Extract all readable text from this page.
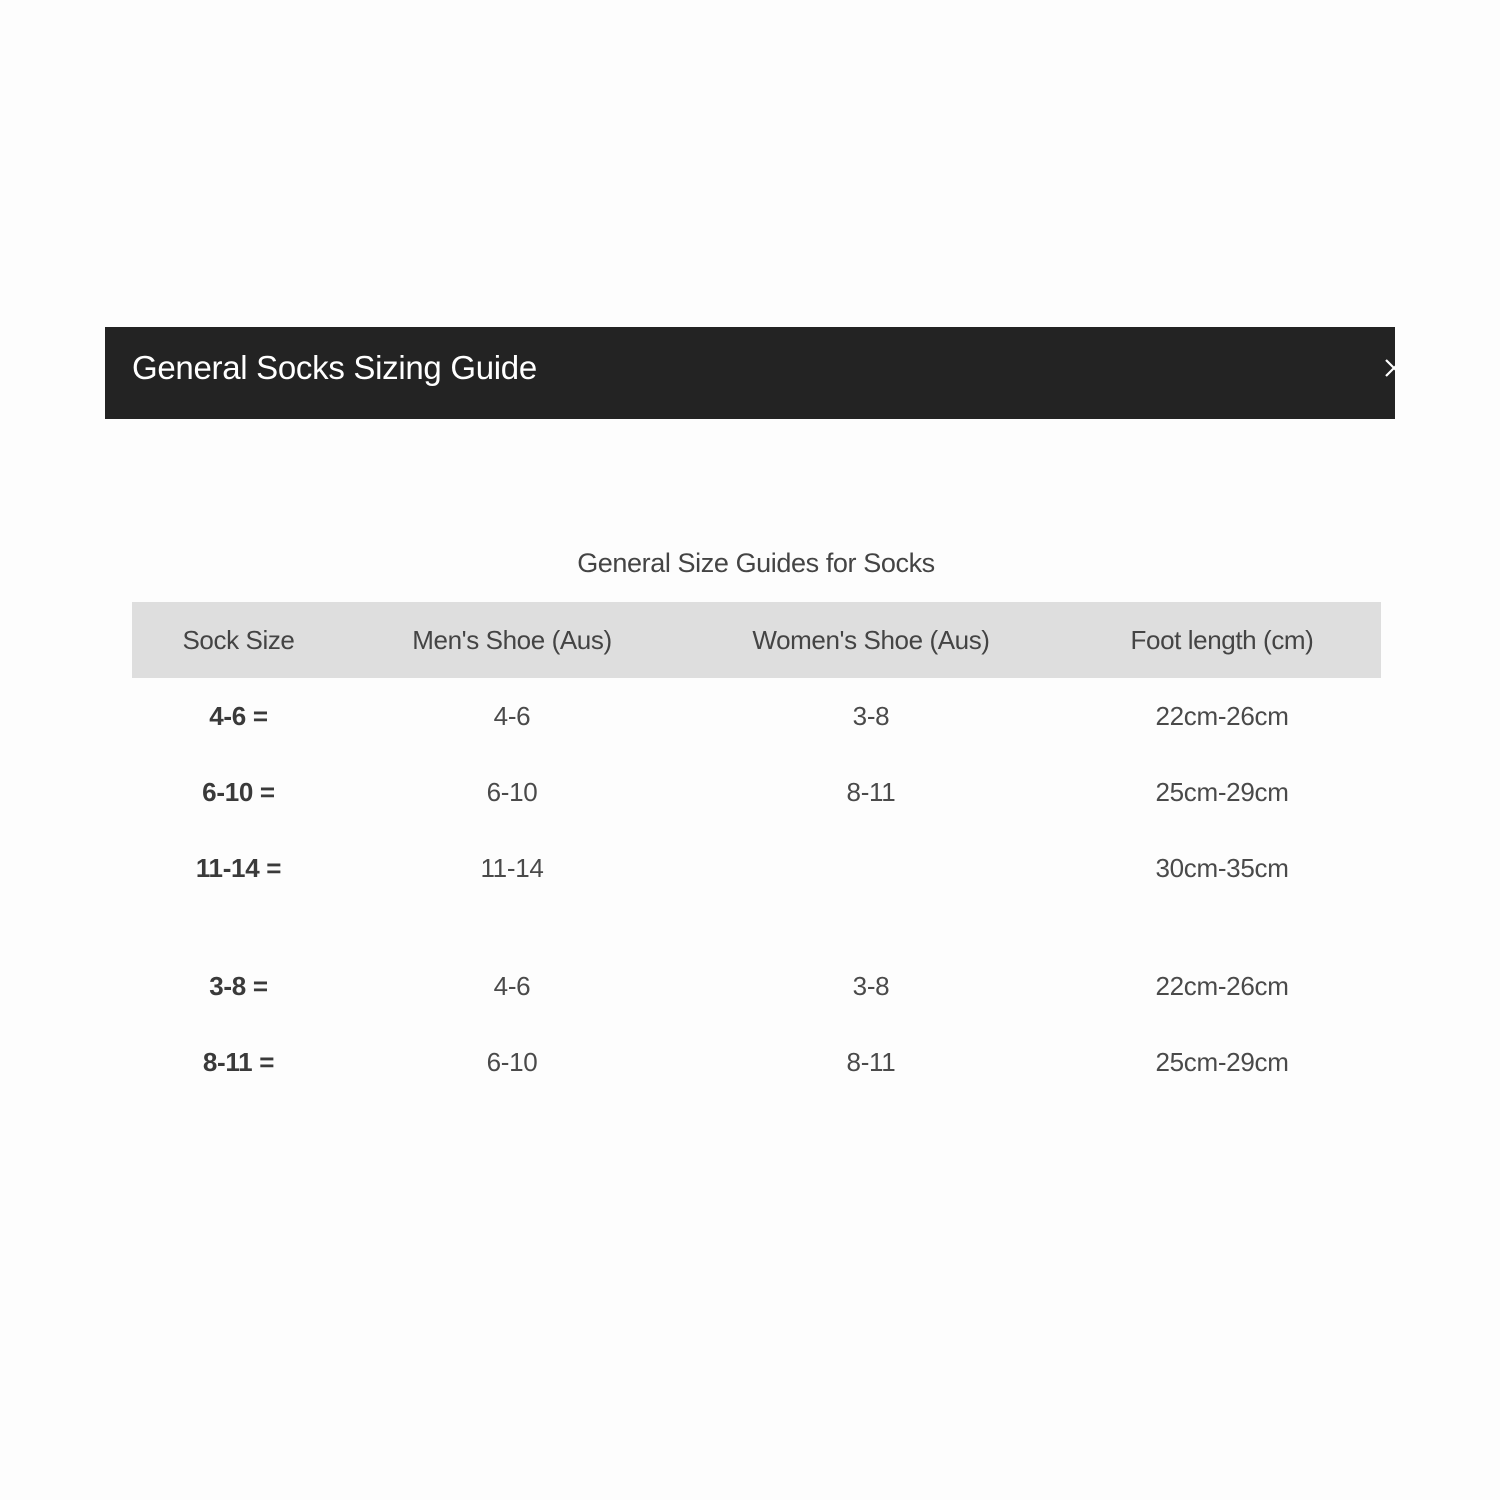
General Socks Sizing Guide
General Size Guides for Socks
Sock Size	Men's Shoe (Aus)	Women's Shoe (Aus)	Foot length (cm)
4-6 =	4-6	3-8	22cm-26cm
6-10 =	6-10	8-11	25cm-29cm
11-14 =	11-14		30cm-35cm

3-8 =	4-6	3-8	22cm-26cm
8-11 =	6-10	8-11	25cm-29cm
